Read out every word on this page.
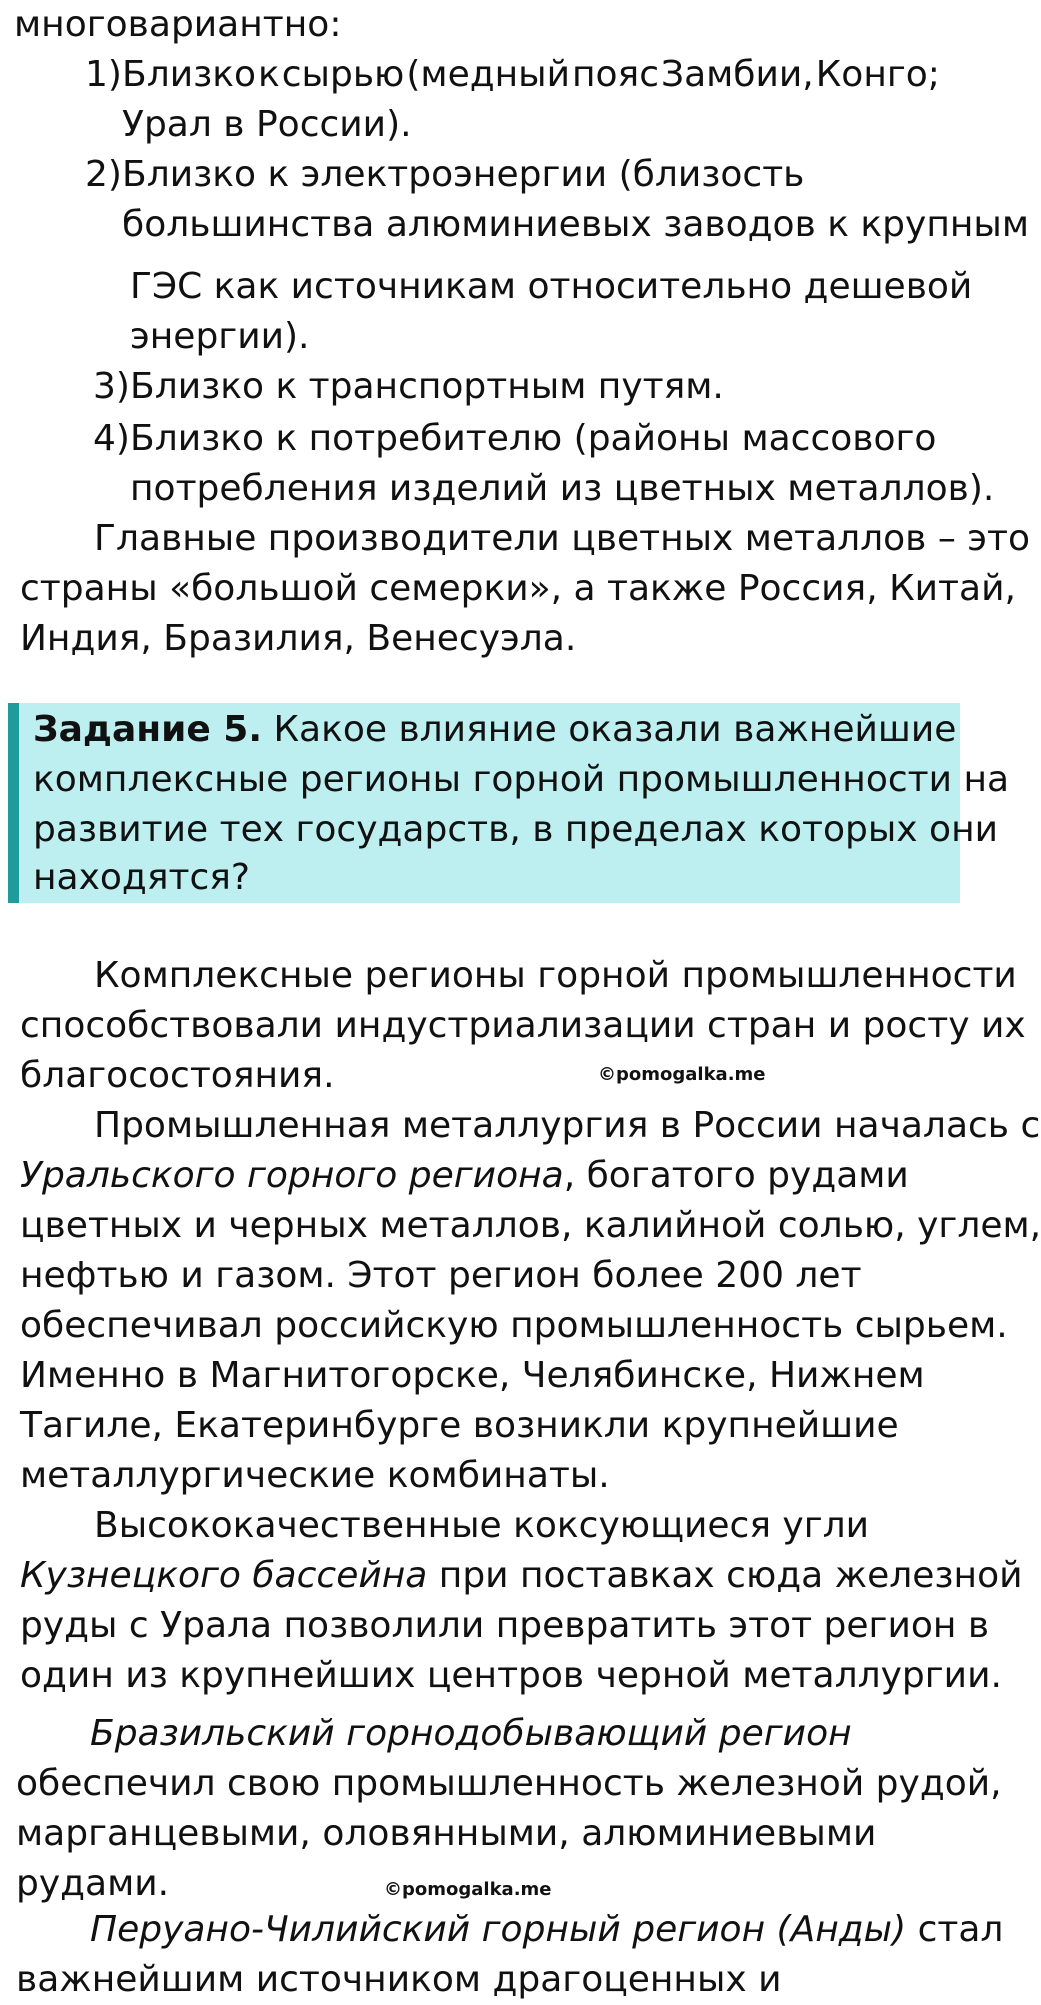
многовариантно:

1) Близко к сырью (медный пояс Замбии, Конго;

Урал в России).

2) Близко к электроэнергии (близость

большинства алюминиевых заводов к крупным

ГЭС как источникам относительно дешевой

энергии).

3) Близко к транспортным путям.

4) Близко к потребителю (районы массового

потребления изделий из цветных металлов).

Главные производители цветных металлов – это

страны «большой семерки», а также Россия, Китай,

Индия, Бразилия, Венесуэла.

Задание 5. Какое влияние оказали важнейшие

комплексные регионы горной промышленности на

развитие тех государств, в пределах которых они

находятся?

Комплексные регионы горной промышленности

способствовали индустриализации стран и росту их

благосостояния.	©pomogalka.me

Промышленная металлургия в России началась с

Уральского горного региона, богатого рудами

цветных и черных металлов, калийной солью, углем,

нефтью и газом. Этот регион более 200 лет

обеспечивал российскую промышленность сырьем.

Именно в Магнитогорске, Челябинске, Нижнем

Тагиле, Екатеринбурге возникли крупнейшие

металлургические комбинаты.

Высококачественные коксующиеся угли

Кузнецкого бассейна при поставках сюда железной

руды с Урала позволили превратить этот регион в

один из крупнейших центров черной металлургии.

Бразильский горнодобывающий регион

обеспечил свою промышленность железной рудой,

марганцевыми, оловянными, алюминиевыми

рудами.	©pomogalka.me

Перуано-Чилийский горный регион (Анды) стал

важнейшим источником драгоценных и
